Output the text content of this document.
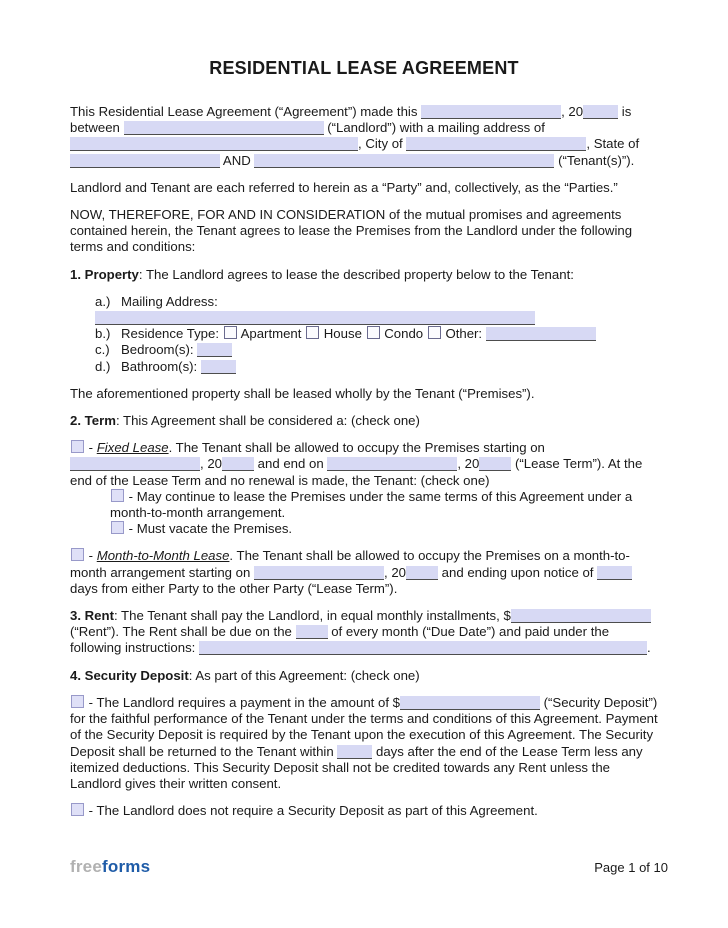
RESIDENTIAL LEASE AGREEMENT

This Residential Lease Agreement (“Agreement”) made this	, 20	is between	(“Landlord”) with a mailing address of , City of	, State of  AND	(“Tenant(s)”).

Landlord and Tenant are each referred to herein as a “Party” and, collectively, as the “Parties.”

NOW, THEREFORE, FOR AND IN CONSIDERATION of the mutual promises and agreements contained herein, the Tenant agrees to lease the Premises from the Landlord under the following terms and conditions:

1. Property: The Landlord agrees to lease the described property below to the Tenant:

a.) Mailing Address:
b.) Residence Type:  Apartment  House  Condo  Other:
c.) Bedroom(s):
d.) Bathroom(s):

The aforementioned property shall be leased wholly by the Tenant (“Premises”).

2. Term: This Agreement shall be considered a: (check one)

- Fixed Lease. The Tenant shall be allowed to occupy the Premises starting on , 20 and end on	, 20 (“Lease Term”). At the end of the Lease Term and no renewal is made, the Tenant: (check one)
- May continue to lease the Premises under the same terms of this Agreement under a month-to-month arrangement.
- Must vacate the Premises.

- Month-to-Month Lease. The Tenant shall be allowed to occupy the Premises on a month-to-month arrangement starting on	, 20 and ending upon notice of  days from either Party to the other Party (“Lease Term”).

3. Rent: The Tenant shall pay the Landlord, in equal monthly installments, $ (“Rent”). The Rent shall be due on the  of every month (“Due Date”) and paid under the following instructions:	.

4. Security Deposit: As part of this Agreement: (check one)

- The Landlord requires a payment in the amount of $	(“Security Deposit”) for the faithful performance of the Tenant under the terms and conditions of this Agreement. Payment of the Security Deposit is required by the Tenant upon the execution of this Agreement. The Security Deposit shall be returned to the Tenant within	days after the end of the Lease Term less any itemized deductions. This Security Deposit shall not be credited towards any Rent unless the Landlord gives their written consent.

- The Landlord does not require a Security Deposit as part of this Agreement.

freeforms	Page 1 of 10
